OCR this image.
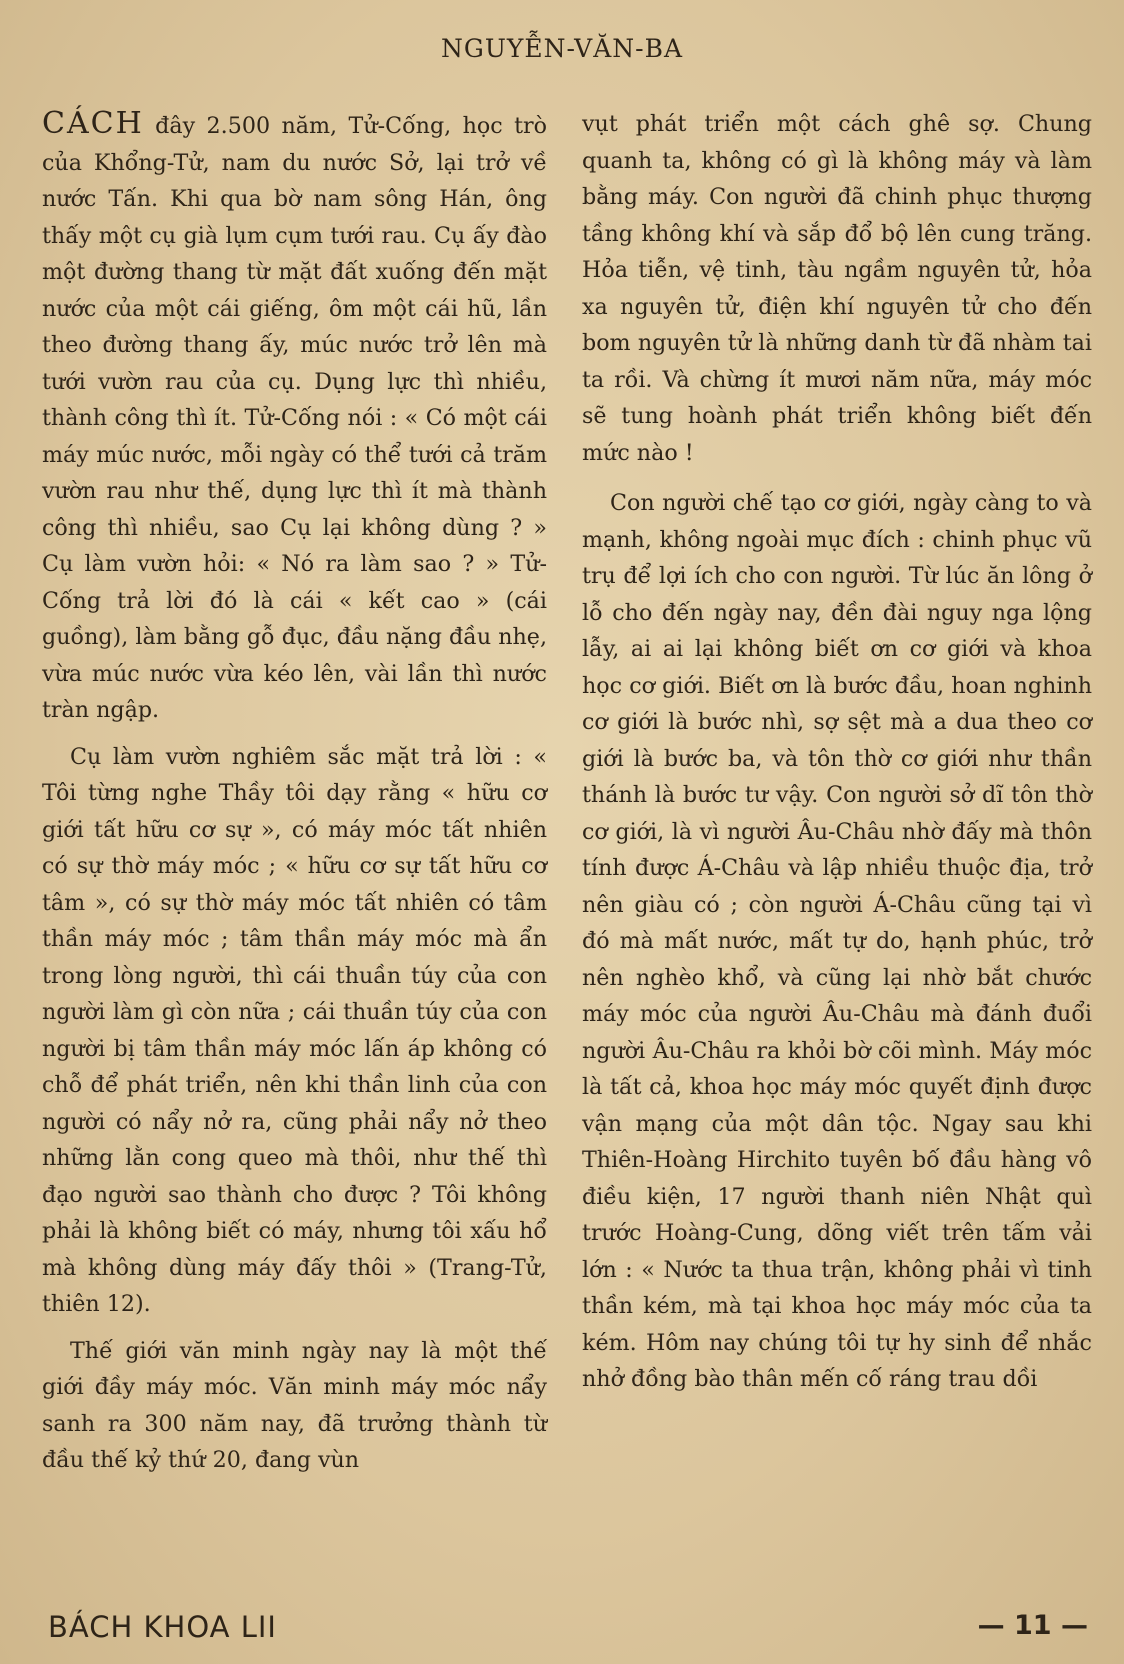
NGUYỄN-VĂN-BA

CÁCH đây 2.500 năm, Tử-Cống, học trò của Khổng-Tử, nam du nước Sở, lại trở về nước Tấn. Khi qua bờ nam sông Hán, ông thấy một cụ già lụm cụm tưới rau. Cụ ấy đào một đường thang từ mặt đất xuống đến mặt nước của một cái giếng, ôm một cái hũ, lần theo đường thang ấy, múc nước trở lên mà tưới vườn rau của cụ. Dụng lực thì nhiều, thành công thì ít. Tử-Cống nói : « Có một cái máy múc nước, mỗi ngày có thể tưới cả trăm vườn rau như thế, dụng lực thì ít mà thành công thì nhiều, sao Cụ lại không dùng ? » Cụ làm vườn hỏi: « Nó ra làm sao ? » Tử-Cống trả lời đó là cái « kết cao » (cái guồng), làm bằng gỗ đục, đầu nặng đầu nhẹ, vừa múc nước vừa kéo lên, vài lần thì nước tràn ngập.

Cụ làm vườn nghiêm sắc mặt trả lời : « Tôi từng nghe Thầy tôi dạy rằng « hữu cơ giới tất hữu cơ sự », có máy móc tất nhiên có sự thờ máy móc ; « hữu cơ sự tất hữu cơ tâm », có sự thờ máy móc tất nhiên có tâm thần máy móc ; tâm thần máy móc mà ẩn trong lòng người, thì cái thuần túy của con người làm gì còn nữa ; cái thuần túy của con người bị tâm thần máy móc lấn áp không có chỗ để phát triển, nên khi thần linh của con người có nẩy nở ra, cũng phải nẩy nở theo những lằn cong queo mà thôi, như thế thì đạo người sao thành cho được ? Tôi không phải là không biết có máy, nhưng tôi xấu hổ mà không dùng máy đấy thôi » (Trang-Tử, thiên 12).

Thế giới văn minh ngày nay là một thế giới đầy máy móc. Văn minh máy móc nẩy sanh ra 300 năm nay, đã trưởng thành từ đầu thế kỷ thứ 20, đang vùn

vụt phát triển một cách ghê sợ. Chung quanh ta, không có gì là không máy và làm bằng máy. Con người đã chinh phục thượng tầng không khí và sắp đổ bộ lên cung trăng. Hỏa tiễn, vệ tinh, tàu ngầm nguyên tử, hỏa xa nguyên tử, điện khí nguyên tử cho đến bom nguyên tử là những danh từ đã nhàm tai ta rồi. Và chừng ít mươi năm nữa, máy móc sẽ tung hoành phát triển không biết đến mức nào !

Con người chế tạo cơ giới, ngày càng to và mạnh, không ngoài mục đích : chinh phục vũ trụ để lợi ích cho con người. Từ lúc ăn lông ở lỗ cho đến ngày nay, đền đài nguy nga lộng lẫy, ai ai lại không biết ơn cơ giới và khoa học cơ giới. Biết ơn là bước đầu, hoan nghinh cơ giới là bước nhì, sợ sệt mà a dua theo cơ giới là bước ba, và tôn thờ cơ giới như thần thánh là bước tư vậy. Con người sở dĩ tôn thờ cơ giới, là vì người Âu-Châu nhờ đấy mà thôn tính được Á-Châu và lập nhiều thuộc địa, trở nên giàu có ; còn người Á-Châu cũng tại vì đó mà mất nước, mất tự do, hạnh phúc, trở nên nghèo khổ, và cũng lại nhờ bắt chước máy móc của người Âu-Châu mà đánh đuổi người Âu-Châu ra khỏi bờ cõi mình. Máy móc là tất cả, khoa học máy móc quyết định được vận mạng của một dân tộc. Ngay sau khi Thiên-Hoàng Hirchito tuyên bố đầu hàng vô điều kiện, 17 người thanh niên Nhật quì trước Hoàng-Cung, dõng viết trên tấm vải lớn : « Nước ta thua trận, không phải vì tinh thần kém, mà tại khoa học máy móc của ta kém. Hôm nay chúng tôi tự hy sinh để nhắc nhở đồng bào thân mến cố ráng trau dồi

BÁCH KHOA LII	— 11 —
